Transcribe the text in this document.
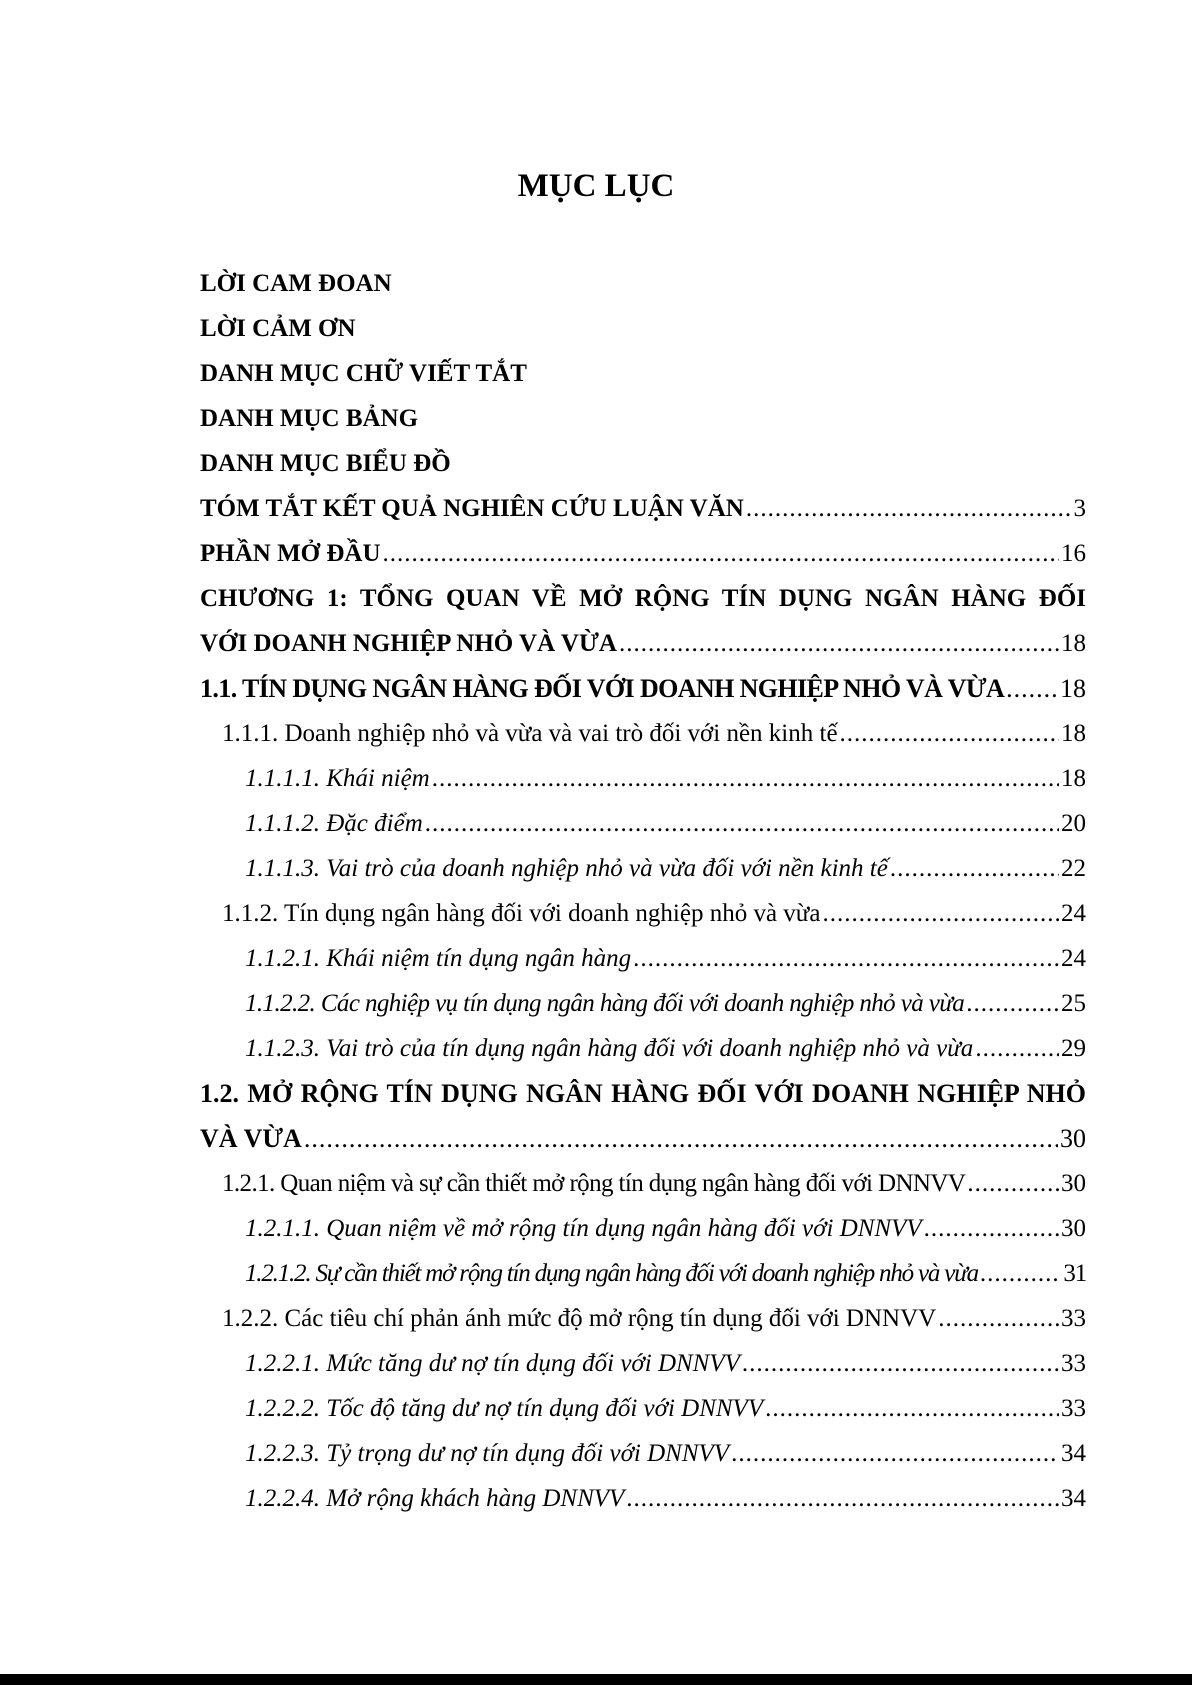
MỤC LỤC
LỜI CAM ĐOAN
LỜI CẢM ƠN
DANH MỤC CHỮ VIẾT TẮT
DANH MỤC BẢNG
DANH MỤC BIỂU ĐỒ
TÓM TẮT KẾT QUẢ NGHIÊN CỨU LUẬN VĂN .....	3
PHẦN MỞ ĐẦU .....	16
CHƯƠNG 1: TỔNG QUAN VỀ MỞ RỘNG TÍN DỤNG NGÂN HÀNG ĐỐI
VỚI DOANH NGHIỆP NHỎ VÀ VỪA .....	18
1.1. TÍN DỤNG NGÂN HÀNG ĐỐI VỚI DOANH NGHIỆP NHỎ VÀ VỪA ..... 18
1.1.1. Doanh nghiệp nhỏ và vừa và vai trò đối với nền kinh tế .....	18
1.1.1.1. Khái niệm .....	18
1.1.1.2. Đặc điểm .....	20
1.1.1.3. Vai trò của doanh nghiệp nhỏ và vừa đối với nền kinh tế .....	22
1.1.2. Tín dụng ngân hàng đối với doanh nghiệp nhỏ và vừa .....	24
1.1.2.1. Khái niệm tín dụng ngân hàng .....	24
1.1.2.2. Các nghiệp vụ tín dụng ngân hàng đối với doanh nghiệp nhỏ và vừa .....	25
1.1.2.3. Vai trò của tín dụng ngân hàng đối với doanh nghiệp nhỏ và vừa .....	29
1.2. MỞ RỘNG TÍN DỤNG NGÂN HÀNG ĐỐI VỚI DOANH NGHIỆP NHỎ
VÀ VỪA .....	30
1.2.1. Quan niệm và sự cần thiết mở rộng tín dụng ngân hàng đối với DNNVV .....	30
1.2.1.1. Quan niệm về mở rộng tín dụng ngân hàng đối với DNNVV .....	30
1.2.1.2. Sự cần thiết mở rộng tín dụng ngân hàng đối với doanh nghiệp nhỏ và vừa .....	31
1.2.2. Các tiêu chí phản ánh mức độ mở rộng tín dụng đối với DNNVV .....	33
1.2.2.1. Mức tăng dư nợ tín dụng đối với DNNVV .....	33
1.2.2.2. Tốc độ tăng dư nợ tín dụng đối với DNNVV .....	33
1.2.2.3. Tỷ trọng dư nợ tín dụng đối với DNNVV .....	34
1.2.2.4. Mở rộng khách hàng DNNVV .....	34
